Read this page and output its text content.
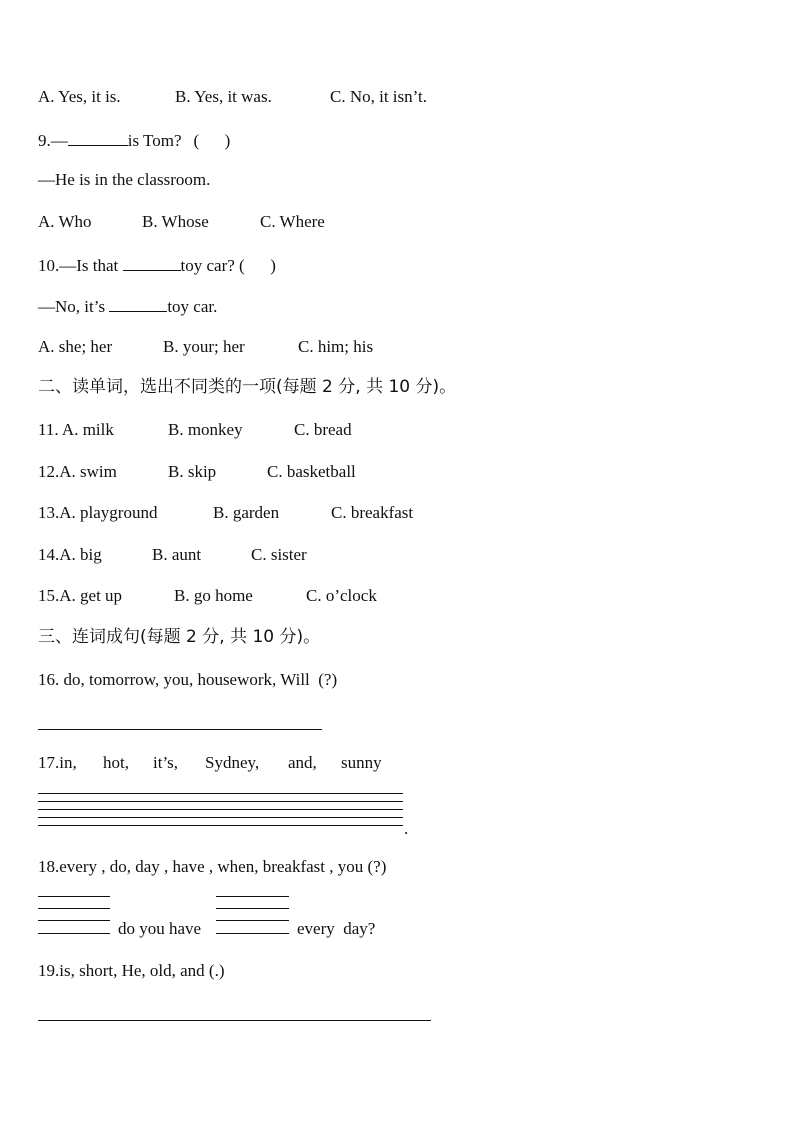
A. Yes, it is.	B. Yes, it was.	C. No, it isn’t.
9.—	is Tom? (      )
—He is in the classroom.
A. Who	B. Whose	C. Where
10.—Is that	toy car? (      )
—No, it’s	toy car.
A. she; her	B. your; her	C. him; his
二、读单词，选出不同类的一项(每题 2 分, 共 10 分)。
11. A. milk	B. monkey	C. bread
12.A. swim	B. skip	C. basketball
13.A. playground	B. garden	C. breakfast
14.A. big	B. aunt	C. sister
15.A. get up	B. go home	C. o’clock
三、连词成句(每题 2 分, 共 10 分)。
16. do, tomorrow, you, housework, Will  (?)
17.in, hot, it’s, Sydney, and, sunny
.
18.every , do, day , have , when, breakfast , you (?)
do you have	every  day?
19.is, short, He, old, and (.)
